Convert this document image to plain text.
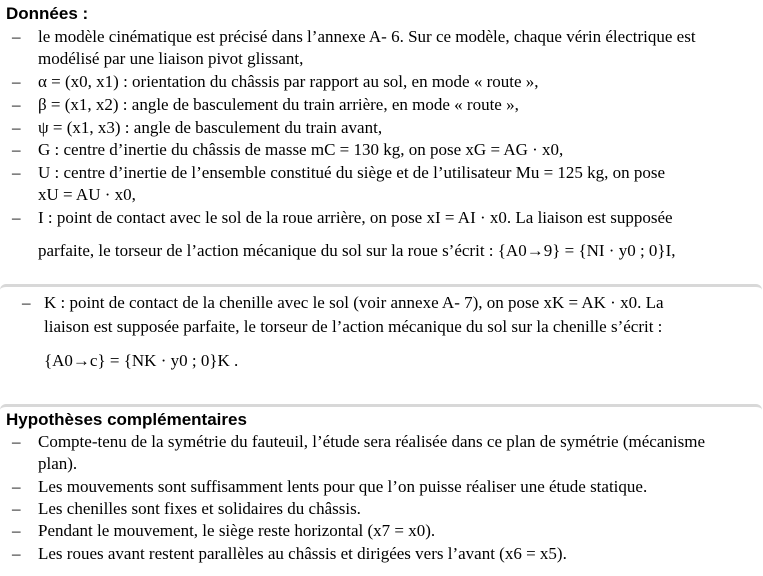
Données :
– le modèle cinématique est précisé dans l’annexe A- 6. Sur ce modèle, chaque vérin électrique est
modélisé par une liaison pivot glissant,
– α = (x0, x1) : orientation du châssis par rapport au sol, en mode « route »,
– β = (x1, x2) : angle de basculement du train arrière, en mode « route »,
– ψ = (x1, x3) : angle de basculement du train avant,
– G : centre d’inertie du châssis de masse mC = 130 kg, on pose xG = AG · x0,
– U : centre d’inertie de l’ensemble constitué du siège et de l’utilisateur Mu = 125 kg, on pose
xU = AU · x0,
– I : point de contact avec le sol de la roue arrière, on pose xI = AI · x0. La liaison est supposée
parfaite, le torseur de l’action mécanique du sol sur la roue s’écrit : {A0→9} = {NI · y0 ; 0}I,
– K : point de contact de la chenille avec le sol (voir annexe A- 7), on pose xK = AK · x0. La
liaison est supposée parfaite, le torseur de l’action mécanique du sol sur la chenille s’écrit :
{A0→c} = {NK · y0 ; 0}K .
Hypothèses complémentaires
– Compte-tenu de la symétrie du fauteuil, l’étude sera réalisée dans ce plan de symétrie (mécanisme
plan).
– Les mouvements sont suffisamment lents pour que l’on puisse réaliser une étude statique.
– Les chenilles sont fixes et solidaires du châssis.
– Pendant le mouvement, le siège reste horizontal (x7 = x0).
– Les roues avant restent parallèles au châssis et dirigées vers l’avant (x6 = x5).
